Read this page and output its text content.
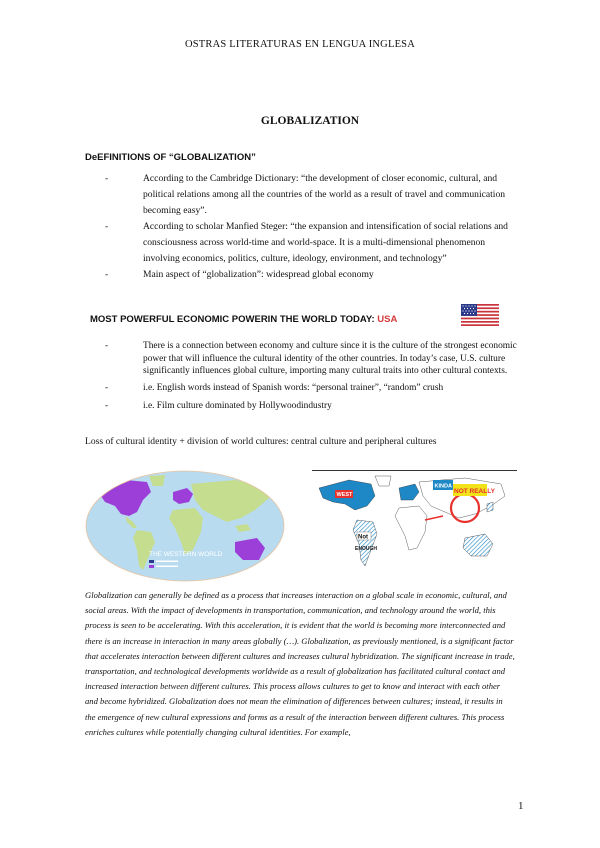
OSTRAS LITERATURAS EN LENGUA INGLESA
GLOBALIZATION
DeEFINITIONS OF “GLOBALIZATION”
- According to the Cambridge Dictionary: “the development of closer economic, cultural, and political relations among all the countries of the world as a result of travel and communication becoming easy”.
- According to scholar Manfied Steger: “the expansion and intensification of social relations and consciousness across world-time and world-space. It is a multi-dimensional phenomenon involving economics, politics, culture, ideology, environment, and technology”
- Main aspect of “globalization”: widespread global economy
MOST POWERFUL ECONOMIC POWERIN THE WORLD TODAY: USA
- There is a connection between economy and culture since it is the culture of the strongest economic power that will influence the cultural identity of the other countries. In today’s case, U.S. culture significantly influences global culture, importing many cultural traits into other cultural contexts.
- i.e. English words instead of Spanish words: “personal trainer”, “random” crush
- i.e. Film culture dominated by Hollywoodindustry
Loss of cultural identity + division of world cultures: central culture and peripheral cultures
THE WESTERN WORLD
KINDA
NOT REALLY
Not
ENOUGH
WEST
Globalization can generally be defined as a process that increases interaction on a global scale in economic, cultural, and social areas. With the impact of developments in transportation, communication, and technology around the world, this process is seen to be accelerating. With this acceleration, it is evident that the world is becoming more interconnected and there is an increase in interaction in many areas globally (…). Globalization, as previously mentioned, is a significant factor that accelerates interaction between different cultures and increases cultural hybridization. The significant increase in trade, transportation, and technological developments worldwide as a result of globalization has facilitated cultural contact and increased interaction between different cultures. This process allows cultures to get to know and interact with each other and become hybridized. Globalization does not mean the elimination of differences between cultures; instead, it results in the emergence of new cultural expressions and forms as a result of the interaction between different cultures. This process enriches cultures while potentially changing cultural identities. For example,
1
